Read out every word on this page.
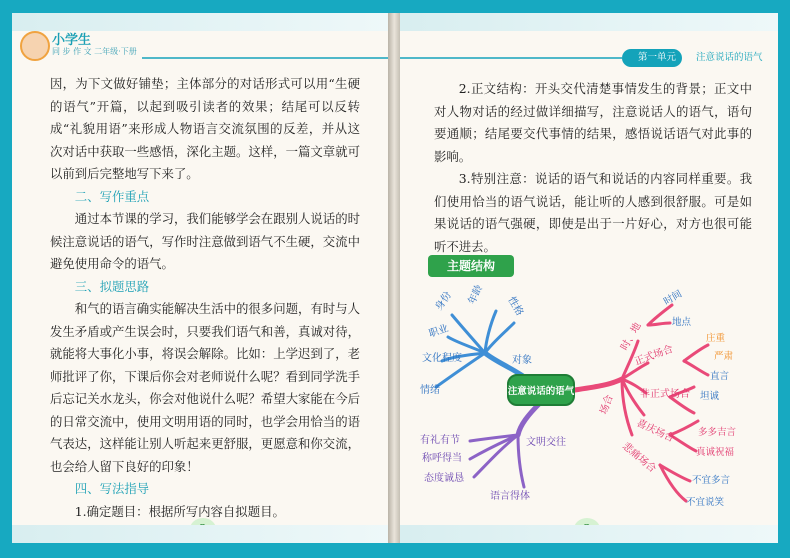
小学生
同 步 作 文 二年级·下册

因，为下文做好铺垫；主体部分的对话形式可以用“生硬的语气”开篇，以起到吸引读者的效果；结尾可以反转成“礼貌用语”来形成人物语言交流氛围的反差，并从这次对话中获取一些感悟，深化主题。这样，一篇文章就可以前到后完整地写下来了。

二、写作重点

通过本节课的学习，我们能够学会在跟别人说话的时候注意说话的语气，写作时注意做到语气不生硬，交流中避免使用命令的语气。

三、拟题思路

和气的语言确实能解决生活中的很多问题，有时与人发生矛盾或产生误会时，只要我们语气和善，真诚对待，就能将大事化小事，将误会解除。比如：上学迟到了，老师批评了你，下课后你会对老师说什么呢？看到同学洗手后忘记关水龙头，你会对他说什么呢？希望大家能在今后的日常交流中，使用文明用语的同时，也学会用恰当的语气表达，这样能让别人听起来更舒服，更愿意和你交流，也会给人留下良好的印象！

四、写法指导

1.确定题目：根据所写内容自拟题目。

第一单元	注意说话的语气

2.正文结构：开头交代清楚事情发生的背景；正文中对人物对话的经过做详细描写，注意说话人的语气，语句要通顺；结尾要交代事情的结果，感悟说话语气对此事的影响。

3.特别注意：说话的语气和说话的内容同样重要。我们使用恰当的语气说话，能让听的人感到很舒服。可是如果说话的语气强硬，即使是出于一片好心，对方也很可能听不进去。

主题结构
注意说话的语气
对象
情绪
文化程度
职业
身份 年龄
性格
场合
时、地
正式场合
非正式场合
喜庆场合
悲痛场合
时间
地点
直言
坦诚
不宜多言
不宜说笑
庄重
严肃
多多吉言
真诚祝福
文明交往
有礼有节
称呼得当
态度诚恳
语言得体
